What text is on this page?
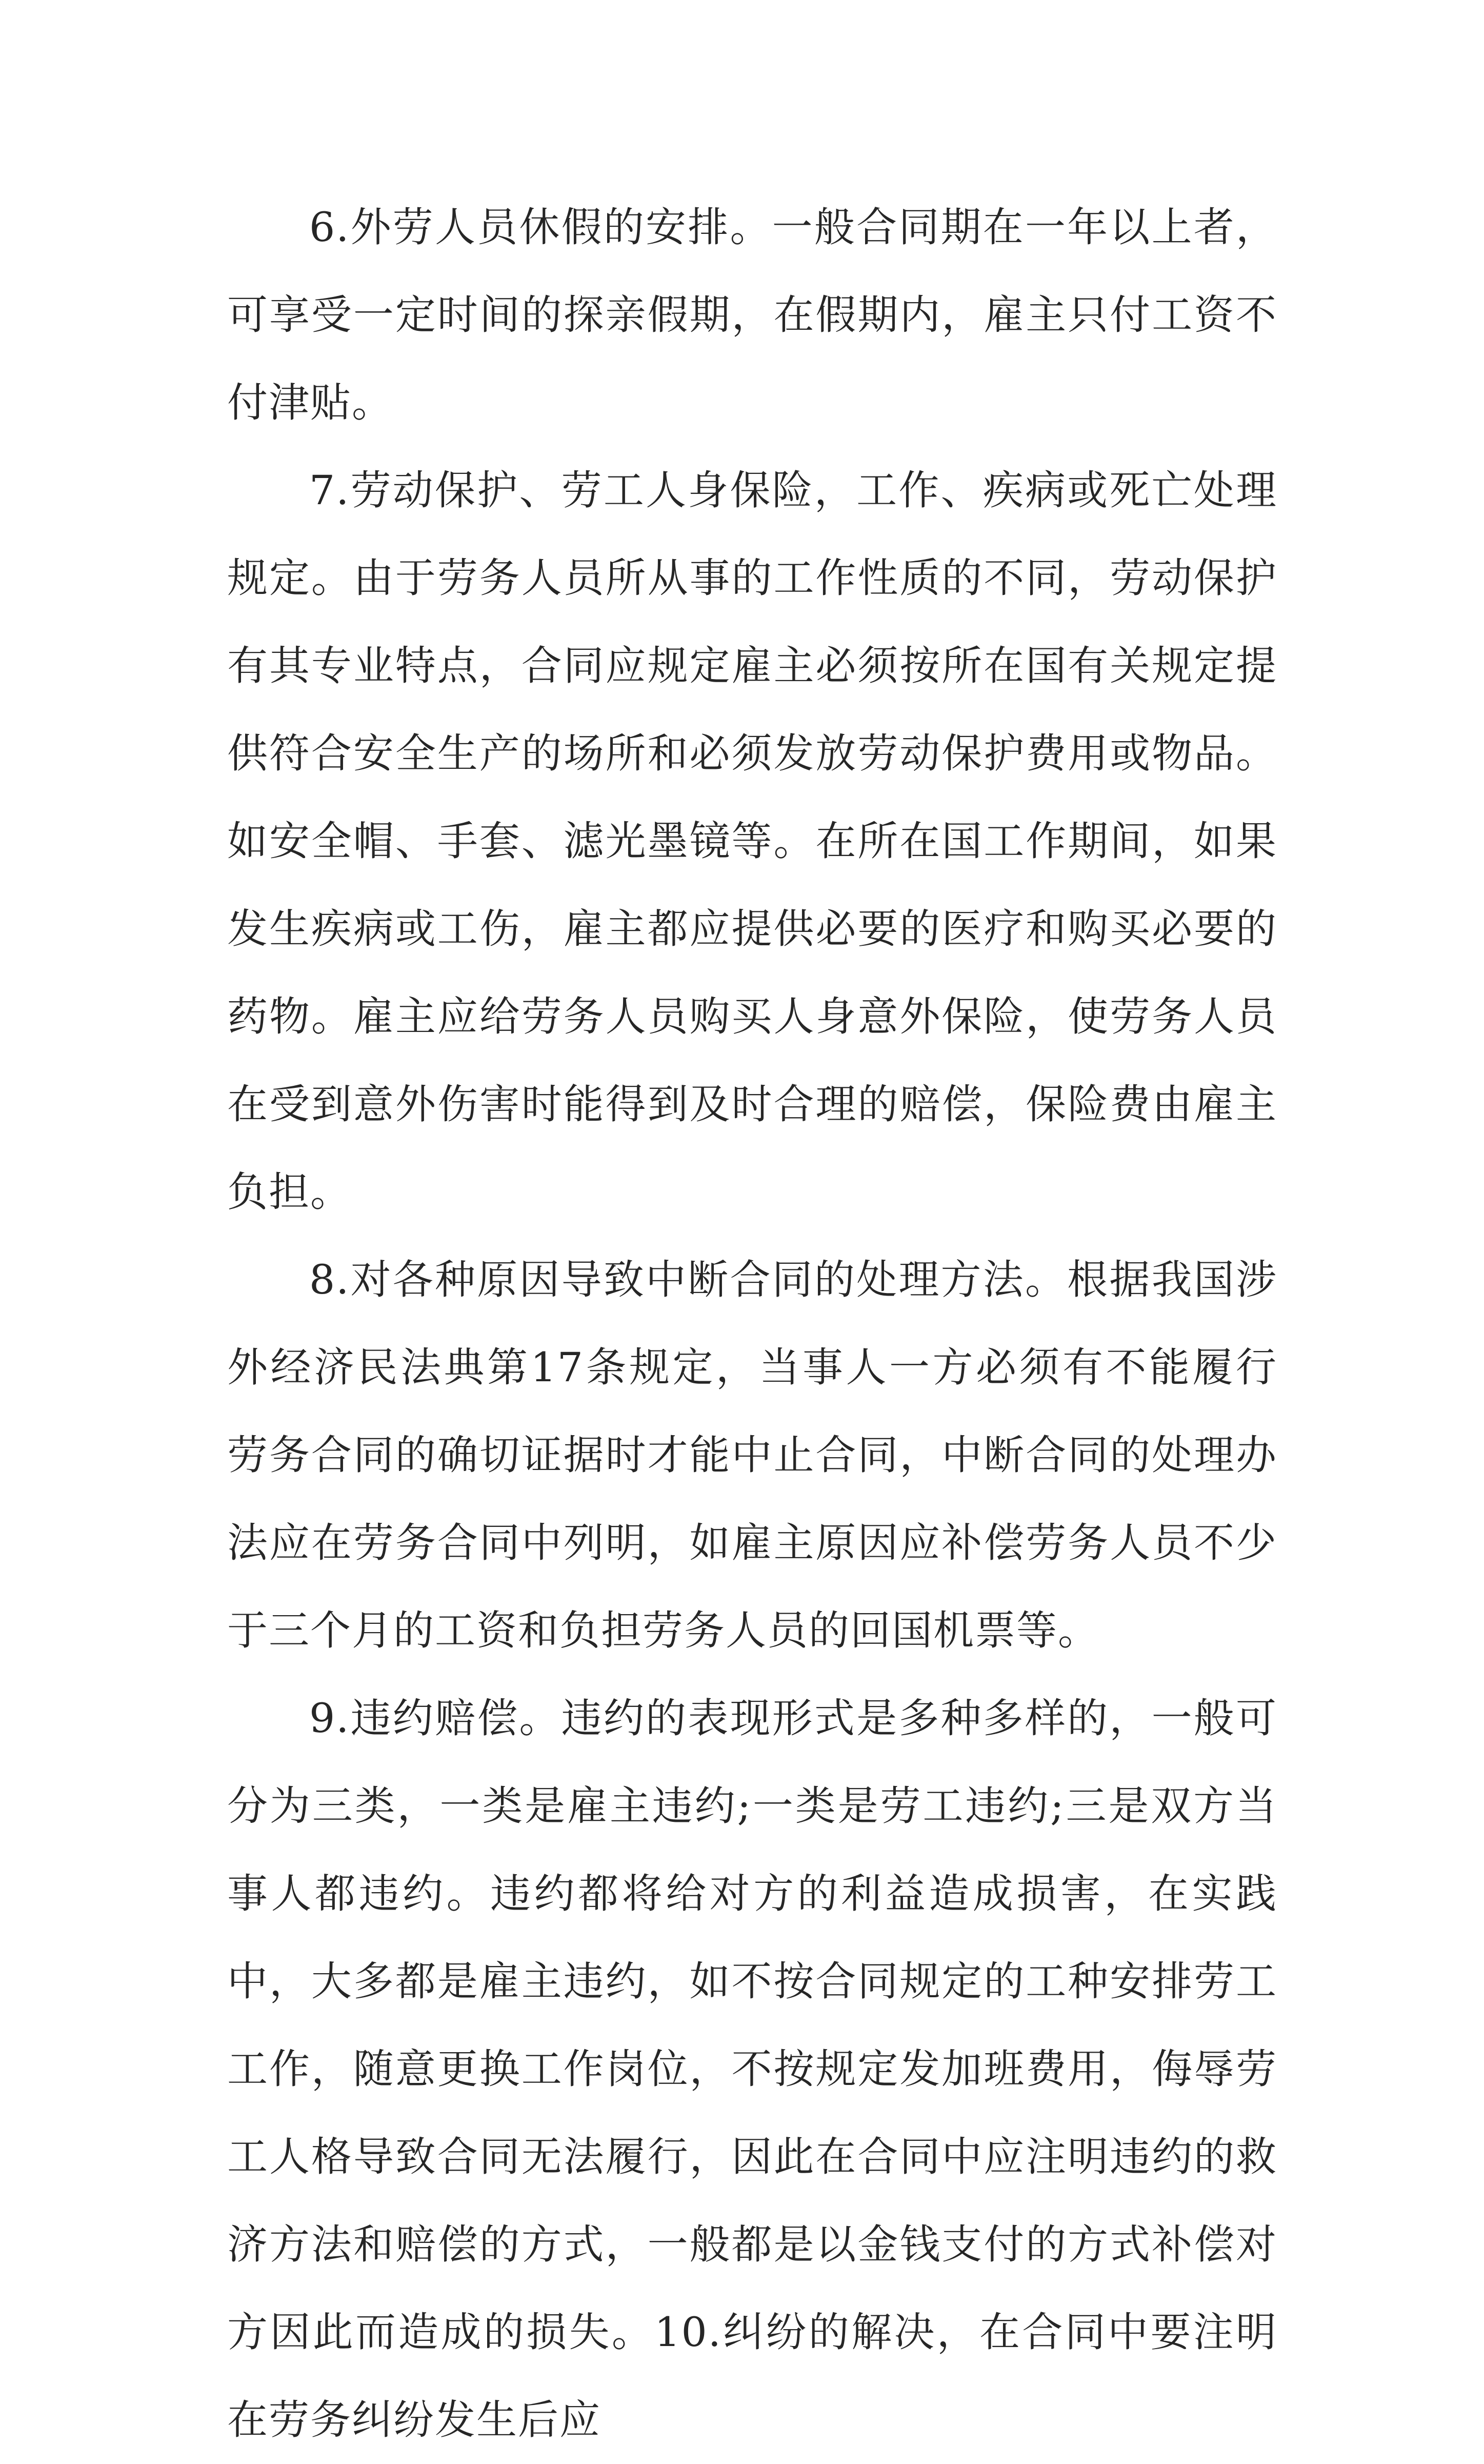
6.外劳人员休假的安排。一般合同期在一年以上者，可享受一定时间的探亲假期，在假期内，雇主只付工资不付津贴。

7.劳动保护、劳工人身保险，工作、疾病或死亡处理规定。由于劳务人员所从事的工作性质的不同，劳动保护有其专业特点，合同应规定雇主必须按所在国有关规定提供符合安全生产的场所和必须发放劳动保护费用或物品。如安全帽、手套、滤光墨镜等。在所在国工作期间，如果发生疾病或工伤，雇主都应提供必要的医疗和购买必要的药物。雇主应给劳务人员购买人身意外保险，使劳务人员在受到意外伤害时能得到及时合理的赔偿，保险费由雇主负担。

8.对各种原因导致中断合同的处理方法。根据我国涉外经济民法典第17条规定，当事人一方必须有不能履行劳务合同的确切证据时才能中止合同，中断合同的处理办法应在劳务合同中列明，如雇主原因应补偿劳务人员不少于三个月的工资和负担劳务人员的回国机票等。

9.违约赔偿。违约的表现形式是多种多样的，一般可分为三类，一类是雇主违约;一类是劳工违约;三是双方当事人都违约。违约都将给对方的利益造成损害，在实践中，大多都是雇主违约，如不按合同规定的工种安排劳工工作，随意更换工作岗位，不按规定发加班费用，侮辱劳工人格导致合同无法履行，因此在合同中应注明违约的救济方法和赔偿的方式，一般都是以金钱支付的方式补偿对方因此而造成的损失。10.纠纷的解决，在合同中要注明在劳务纠纷发生后应
